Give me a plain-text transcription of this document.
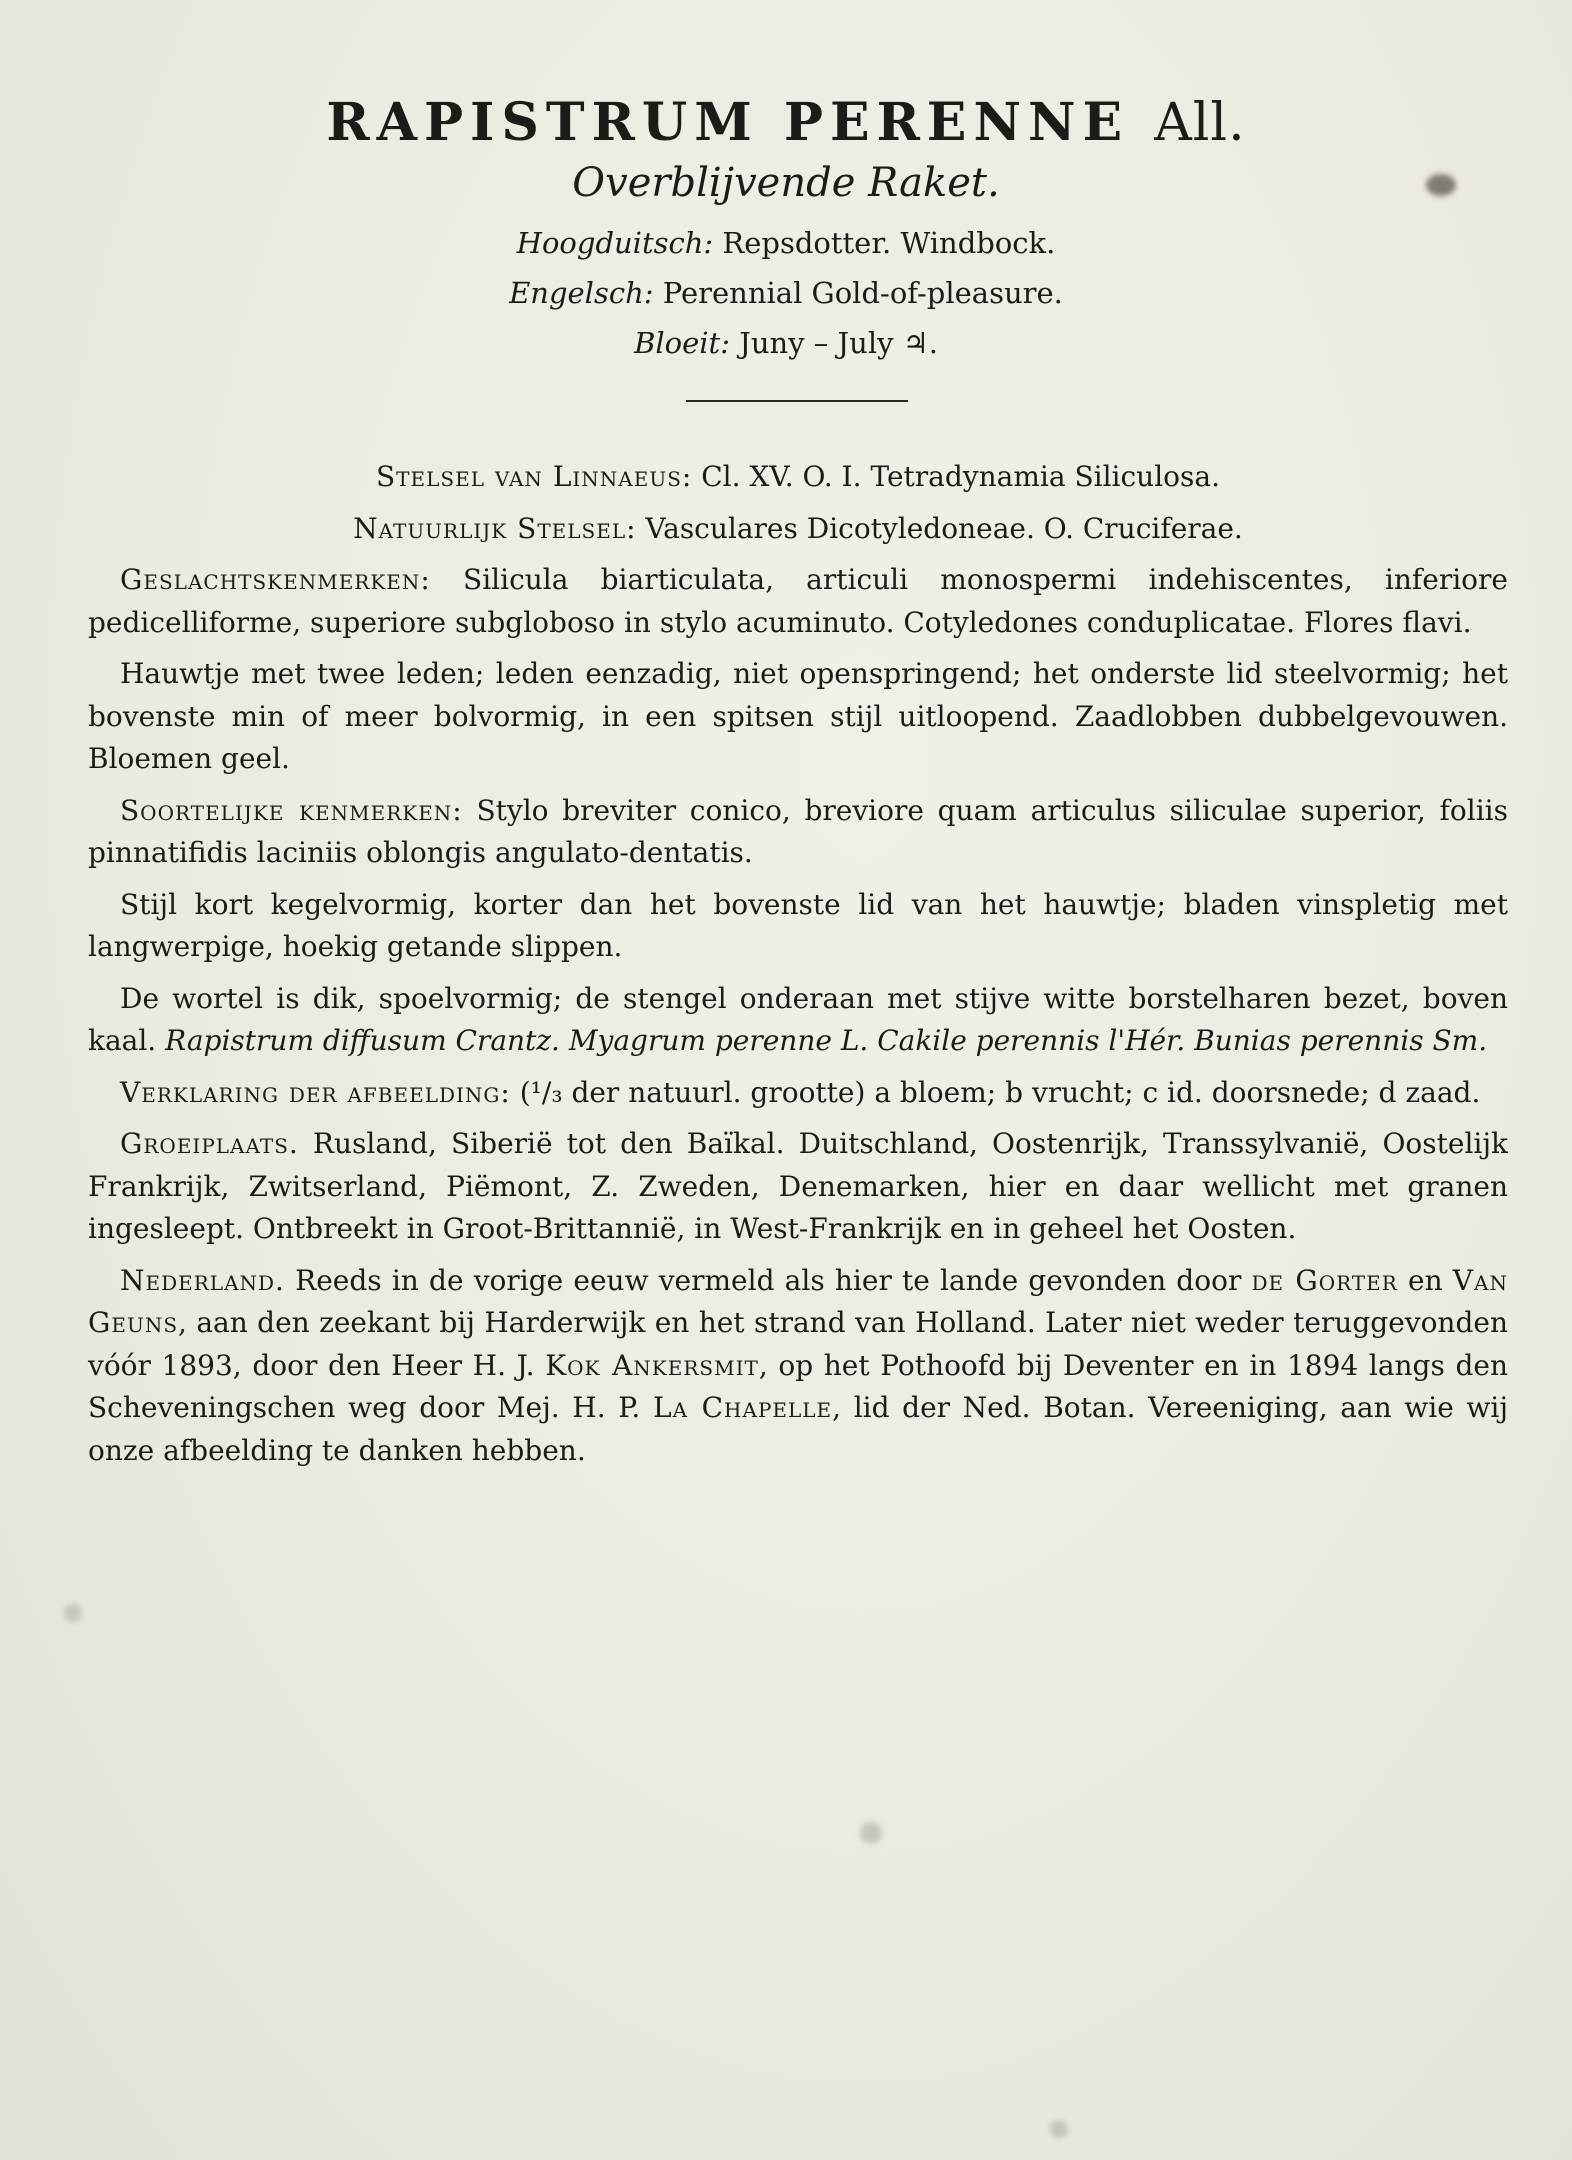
RAPISTRUM PERENNE All.
Overblijvende Raket.
Hoogduitsch: Repsdotter. Windbock.
Engelsch: Perennial Gold-of-pleasure.
Bloeit: Juny – July ♃.

Stelsel van Linnaeus: Cl. XV. O. I. Tetradynamia Siliculosa.

Natuurlijk Stelsel: Vasculares Dicotyledoneae. O. Cruciferae.

Geslachtskenmerken: Silicula biarticulata, articuli monospermi indehiscentes, inferiore pedicelliforme, superiore subgloboso in stylo acuminuto. Cotyledones conduplicatae. Flores flavi.

Hauwtje met twee leden; leden eenzadig, niet openspringend; het onderste lid steelvormig; het bovenste min of meer bolvormig, in een spitsen stijl uitloopend. Zaadlobben dubbelgevouwen. Bloemen geel.

Soortelijke kenmerken: Stylo breviter conico, breviore quam articulus siliculae superior, foliis pinnatifidis laciniis oblongis angulato-dentatis.

Stijl kort kegelvormig, korter dan het bovenste lid van het hauwtje; bladen vinspletig met langwerpige, hoekig getande slippen.

De wortel is dik, spoelvormig; de stengel onderaan met stijve witte borstelharen bezet, boven kaal. Rapistrum diffusum Crantz. Myagrum perenne L. Cakile perennis l'Hér. Bunias perennis Sm.

Verklaring der afbeelding: (¹/₃ der natuurl. grootte) a bloem; b vrucht; c id. doorsnede; d zaad.

Groeiplaats. Rusland, Siberië tot den Baïkal. Duitschland, Oostenrijk, Transsylvanië, Oostelijk Frankrijk, Zwitserland, Piëmont, Z. Zweden, Denemarken, hier en daar wellicht met granen ingesleept. Ontbreekt in Groot-Brittannië, in West-Frankrijk en in geheel het Oosten.

Nederland. Reeds in de vorige eeuw vermeld als hier te lande gevonden door de Gorter en Van Geuns, aan den zeekant bij Harderwijk en het strand van Holland. Later niet weder teruggevonden vóór 1893, door den Heer H. J. Kok Ankersmit, op het Pothoofd bij Deventer en in 1894 langs den Scheveningschen weg door Mej. H. P. La Chapelle, lid der Ned. Botan. Vereeniging, aan wie wij onze afbeelding te danken hebben.
